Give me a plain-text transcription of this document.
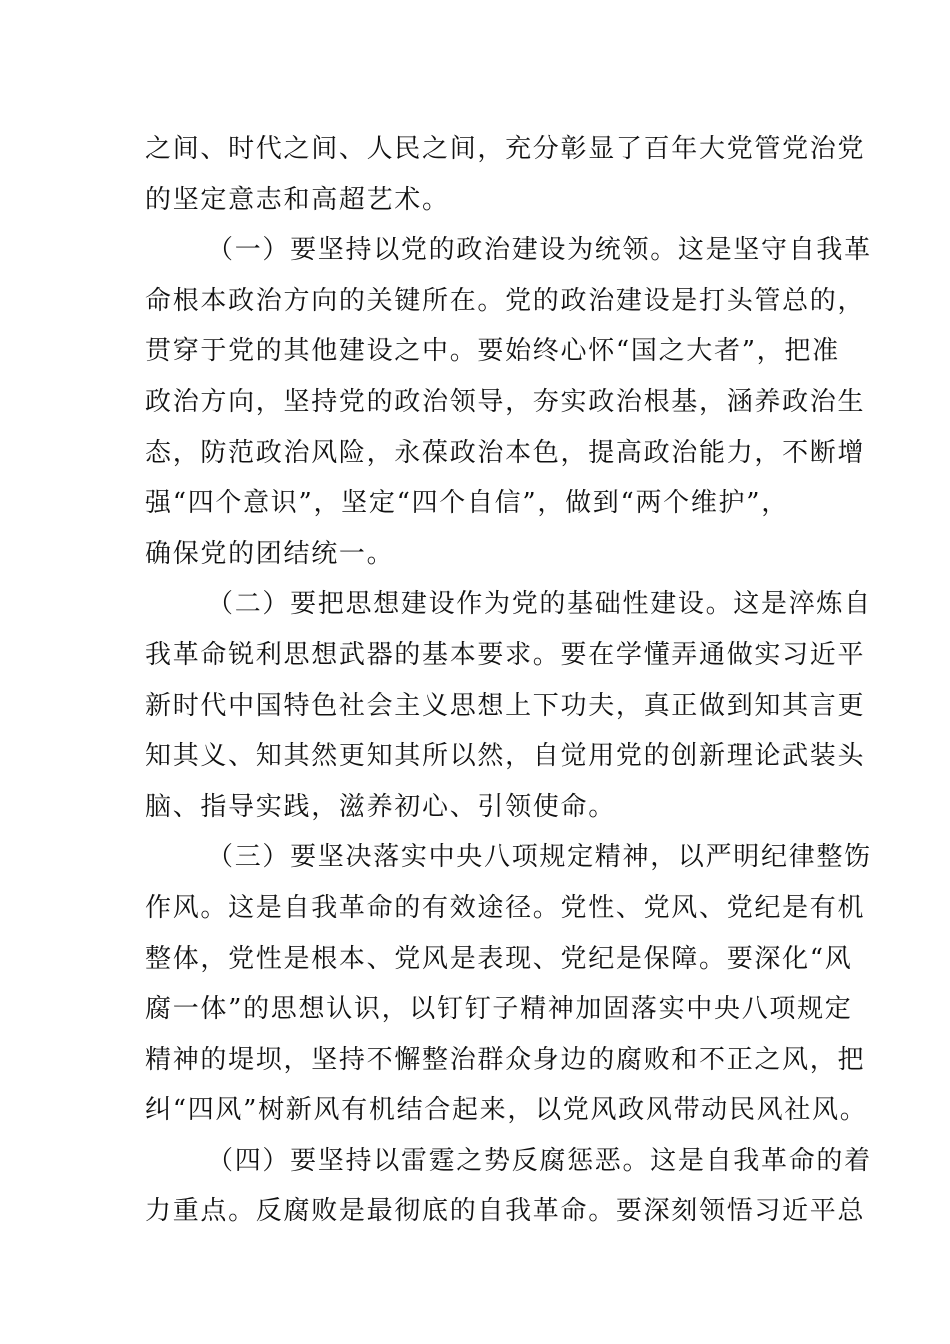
之间、时代之间、人民之间，充分彰显了百年大党管党治党
的坚定意志和高超艺术。
（一）要坚持以党的政治建设为统领。这是坚守自我革
命根本政治方向的关键所在。党的政治建设是打头管总的，
贯穿于党的其他建设之中。要始终心怀“国之大者”，把准
政治方向，坚持党的政治领导，夯实政治根基，涵养政治生
态，防范政治风险，永葆政治本色，提高政治能力，不断增
强“四个意识”，坚定“四个自信”，做到“两个维护”，
确保党的团结统一。
（二）要把思想建设作为党的基础性建设。这是淬炼自
我革命锐利思想武器的基本要求。要在学懂弄通做实习近平
新时代中国特色社会主义思想上下功夫，真正做到知其言更
知其义、知其然更知其所以然，自觉用党的创新理论武装头
脑、指导实践，滋养初心、引领使命。
（三）要坚决落实中央八项规定精神，以严明纪律整饬
作风。这是自我革命的有效途径。党性、党风、党纪是有机
整体，党性是根本、党风是表现、党纪是保障。要深化“风
腐一体”的思想认识，以钉钉子精神加固落实中央八项规定
精神的堤坝，坚持不懈整治群众身边的腐败和不正之风，把
纠“四风”树新风有机结合起来，以党风政风带动民风社风。
（四）要坚持以雷霆之势反腐惩恶。这是自我革命的着
力重点。反腐败是最彻底的自我革命。要深刻领悟习近平总
